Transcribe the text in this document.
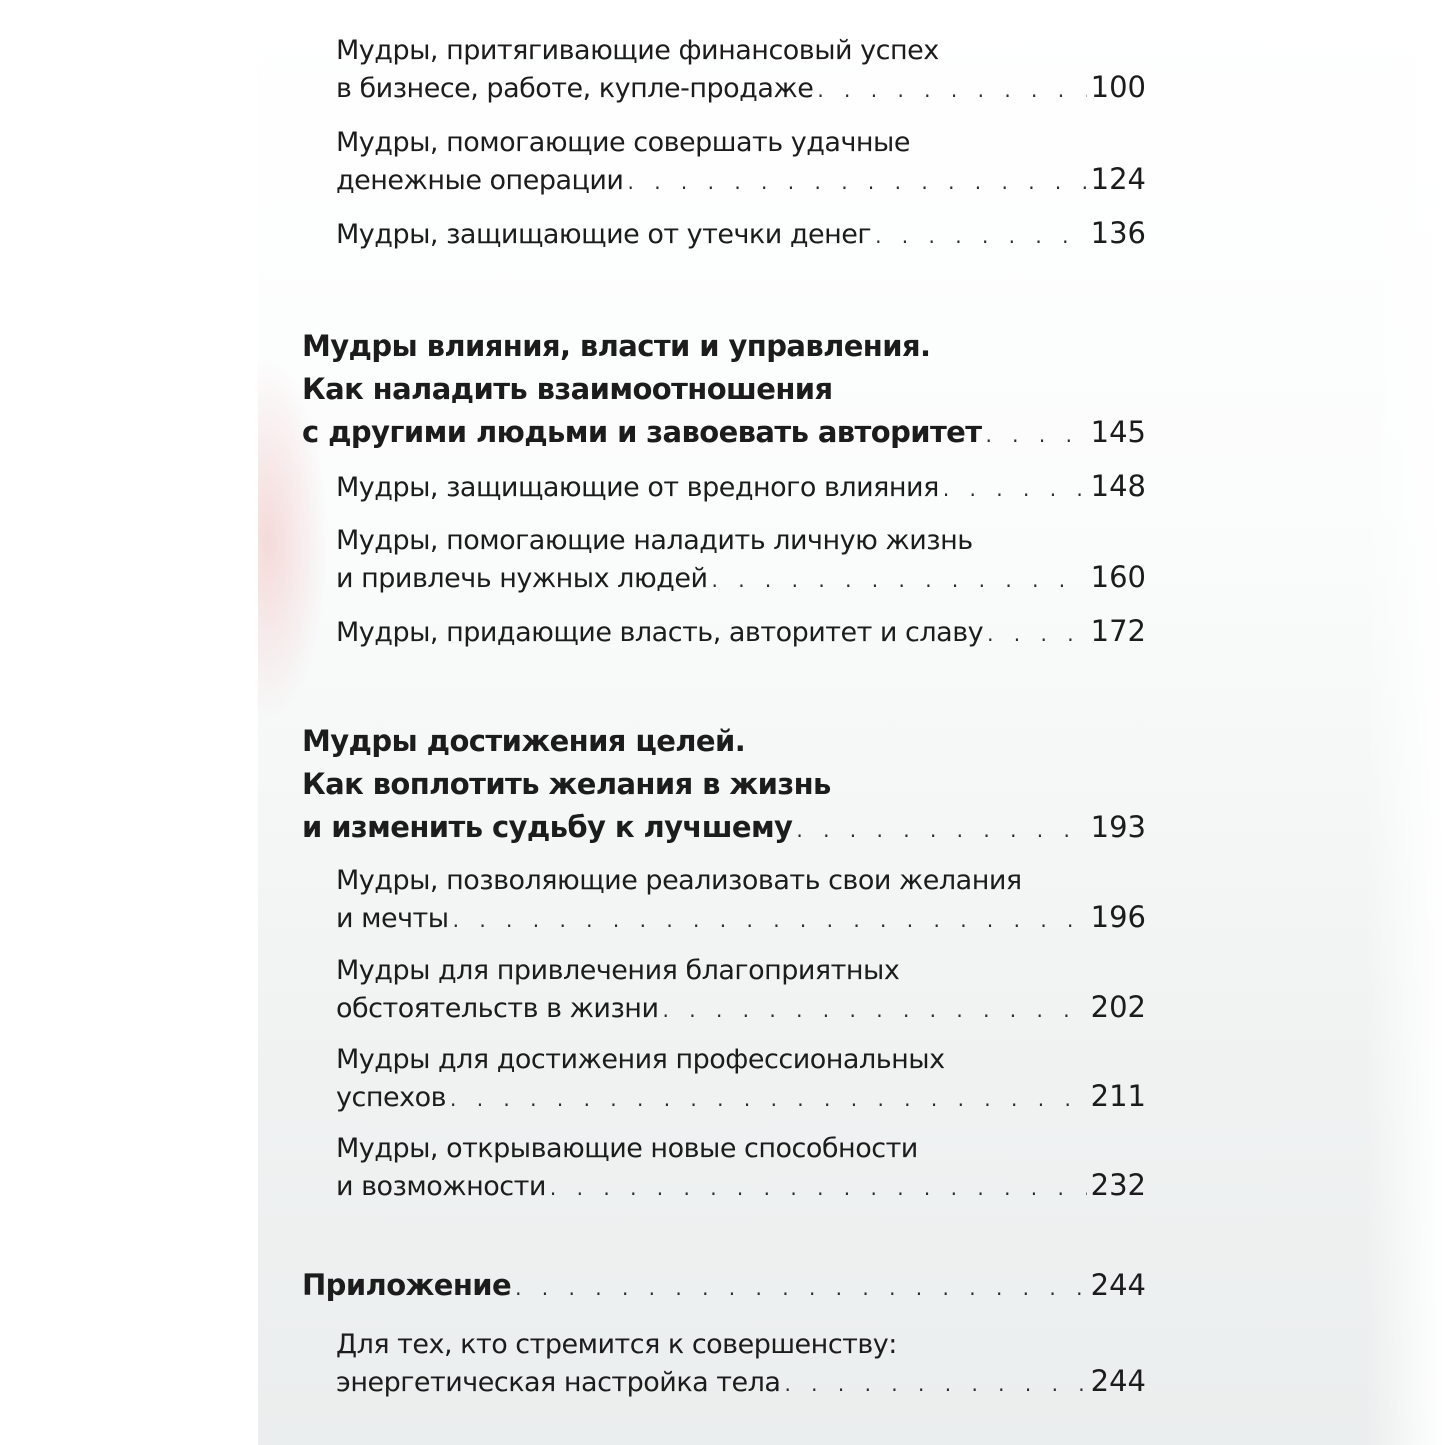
Мудры, притягивающие финансовый успех
в бизнесе, работе, купле-продаже . . .	100
Мудры, помогающие совершать удачные
денежные операции . . .	124
Мудры, защищающие от утечки денег . . .	136
Мудры влияния, власти и управления.
Как наладить взаимоотношения
с другими людьми и завоевать авторитет . . .	145
Мудры, защищающие от вредного влияния . . .	148
Мудры, помогающие наладить личную жизнь
и привлечь нужных людей . . .	160
Мудры, придающие власть, авторитет и славу . . .	172
Мудры достижения целей.
Как воплотить желания в жизнь
и изменить судьбу к лучшему . . .	193
Мудры, позволяющие реализовать свои желания
и мечты . . .	196
Мудры для привлечения благоприятных
обстоятельств в жизни . . .	202
Мудры для достижения профессиональных
успехов . . .	211
Мудры, открывающие новые способности
и возможности . . .	232
Приложение . . .	244
Для тех, кто стремится к совершенству:
энергетическая настройка тела . . .	244
